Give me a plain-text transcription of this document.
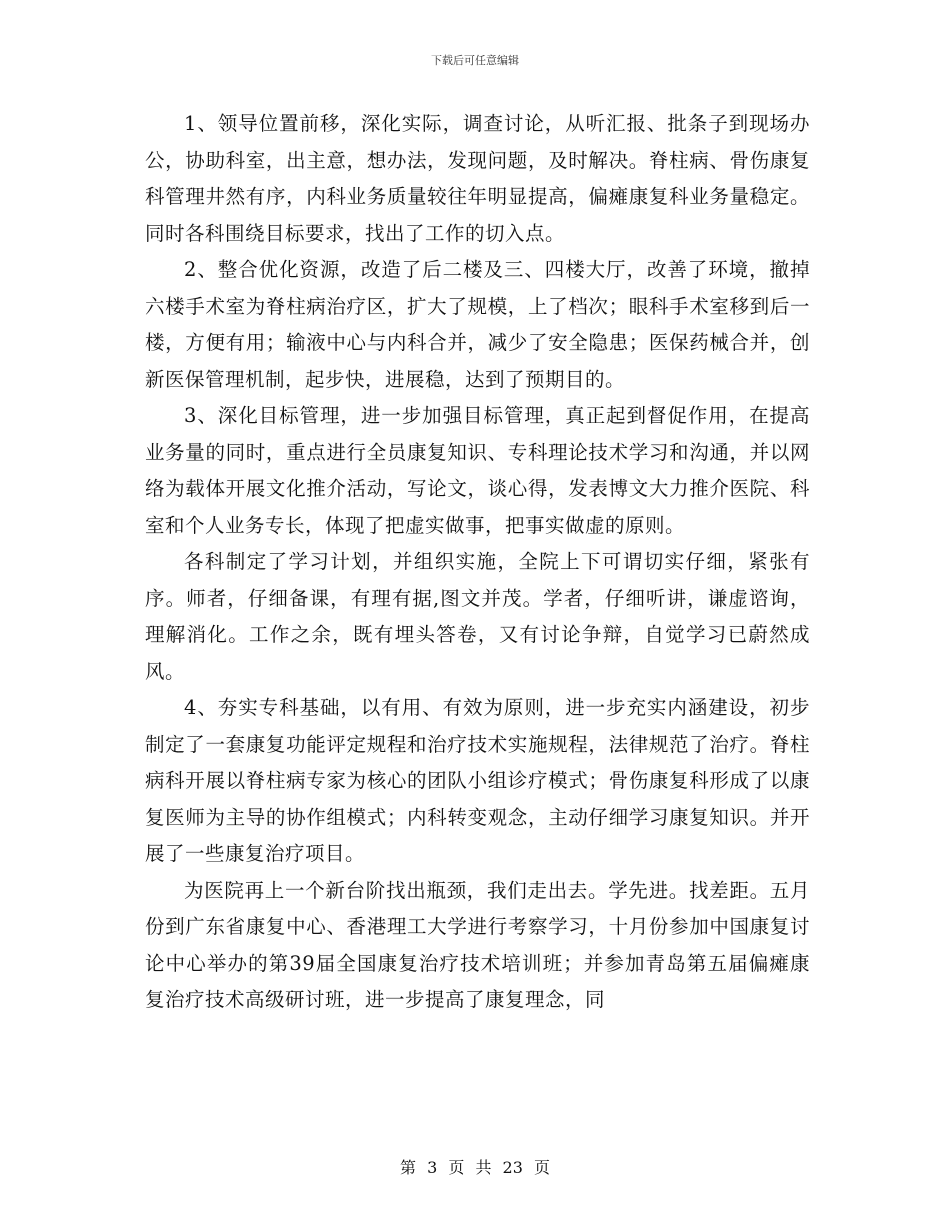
下载后可任意编辑

1、领导位置前移，深化实际，调查讨论，从听汇报、批条子到现场办公，协助科室，出主意，想办法，发现问题，及时解决。脊柱病、骨伤康复科管理井然有序，内科业务质量较往年明显提高，偏瘫康复科业务量稳定。同时各科围绕目标要求，找出了工作的切入点。

2、整合优化资源，改造了后二楼及三、四楼大厅，改善了环境，撤掉六楼手术室为脊柱病治疗区，扩大了规模，上了档次；眼科手术室移到后一楼，方便有用；输液中心与内科合并，减少了安全隐患；医保药械合并，创新医保管理机制，起步快，进展稳，达到了预期目的。

3、深化目标管理，进一步加强目标管理，真正起到督促作用，在提高业务量的同时，重点进行全员康复知识、专科理论技术学习和沟通，并以网络为载体开展文化推介活动，写论文，谈心得，发表博文大力推介医院、科室和个人业务专长，体现了把虚实做事，把事实做虚的原则。

各科制定了学习计划，并组织实施，全院上下可谓切实仔细，紧张有序。师者，仔细备课，有理有据,图文并茂。学者，仔细听讲，谦虚谘询，理解消化。工作之余，既有埋头答卷，又有讨论争辩，自觉学习已蔚然成风。

4、夯实专科基础，以有用、有效为原则，进一步充实内涵建设，初步制定了一套康复功能评定规程和治疗技术实施规程，法律规范了治疗。脊柱病科开展以脊柱病专家为核心的团队小组诊疗模式；骨伤康复科形成了以康复医师为主导的协作组模式；内科转变观念，主动仔细学习康复知识。并开展了一些康复治疗项目。

为医院再上一个新台阶找出瓶颈，我们走出去。学先进。找差距。五月份到广东省康复中心、香港理工大学进行考察学习，十月份参加中国康复讨论中心举办的第39届全国康复治疗技术培训班；并参加青岛第五届偏瘫康复治疗技术高级研讨班，进一步提高了康复理念，同

第 3 页 共 23 页
